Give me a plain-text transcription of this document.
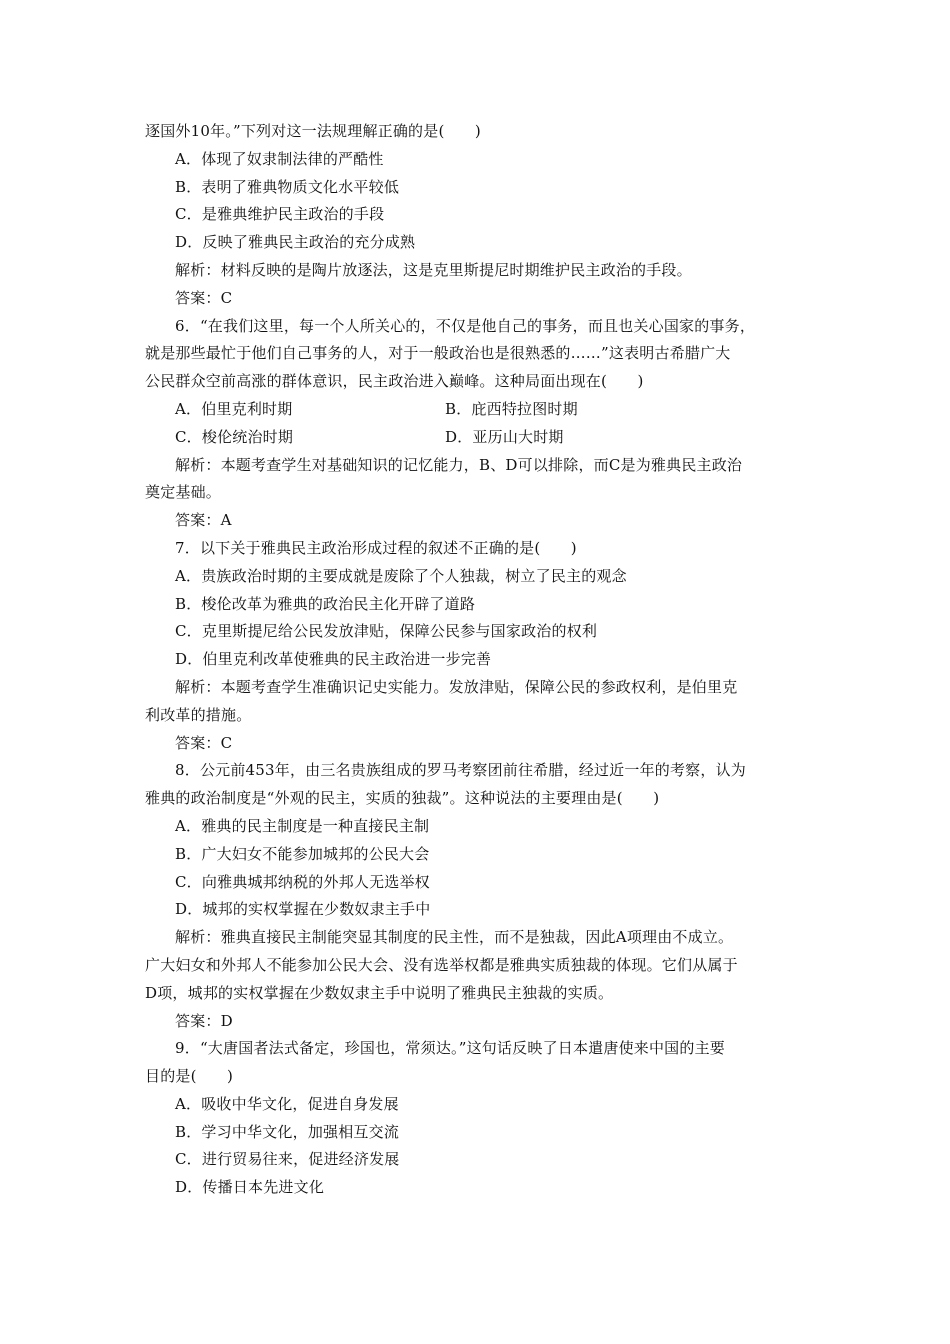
逐国外10年。”下列对这一法规理解正确的是(　　)
A．体现了奴隶制法律的严酷性
B．表明了雅典物质文化水平较低
C．是雅典维护民主政治的手段
D．反映了雅典民主政治的充分成熟
解析：材料反映的是陶片放逐法，这是克里斯提尼时期维护民主政治的手段。
答案：C
6．“在我们这里，每一个人所关心的，不仅是他自己的事务，而且也关心国家的事务，
就是那些最忙于他们自己事务的人，对于一般政治也是很熟悉的……”这表明古希腊广大
公民群众空前高涨的群体意识，民主政治进入巅峰。这种局面出现在(　　)
A．伯里克利时期	B．庇西特拉图时期
C．梭伦统治时期	D．亚历山大时期
解析：本题考查学生对基础知识的记忆能力，B、D可以排除，而C是为雅典民主政治
奠定基础。
答案：A
7．以下关于雅典民主政治形成过程的叙述不正确的是(　　)
A．贵族政治时期的主要成就是废除了个人独裁，树立了民主的观念
B．梭伦改革为雅典的政治民主化开辟了道路
C．克里斯提尼给公民发放津贴，保障公民参与国家政治的权利
D．伯里克利改革使雅典的民主政治进一步完善
解析：本题考查学生准确识记史实能力。发放津贴，保障公民的参政权利，是伯里克
利改革的措施。
答案：C
8．公元前453年，由三名贵族组成的罗马考察团前往希腊，经过近一年的考察，认为
雅典的政治制度是“外观的民主，实质的独裁”。这种说法的主要理由是(　　)
A．雅典的民主制度是一种直接民主制
B．广大妇女不能参加城邦的公民大会
C．向雅典城邦纳税的外邦人无选举权
D．城邦的实权掌握在少数奴隶主手中
解析：雅典直接民主制能突显其制度的民主性，而不是独裁，因此A项理由不成立。
广大妇女和外邦人不能参加公民大会、没有选举权都是雅典实质独裁的体现。它们从属于
D项，城邦的实权掌握在少数奴隶主手中说明了雅典民主独裁的实质。
答案：D
9．“大唐国者法式备定，珍国也，常须达。”这句话反映了日本遣唐使来中国的主要
目的是(　　)
A．吸收中华文化，促进自身发展
B．学习中华文化，加强相互交流
C．进行贸易往来，促进经济发展
D．传播日本先进文化
